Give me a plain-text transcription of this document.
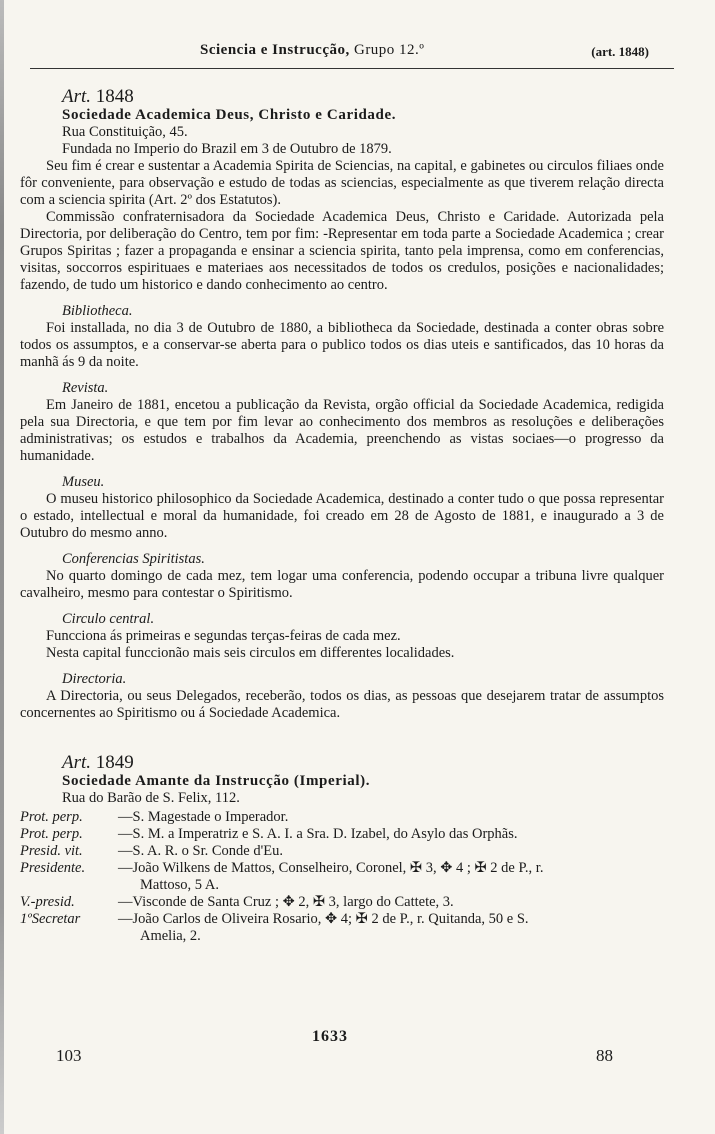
Sciencia e Instrucção, Grupo 12.º	(art. 1848)
Art. 1848
Sociedade Academica Deus, Christo e Caridade.
Rua Constituição, 45.
Fundada no Imperio do Brazil em 3 de Outubro de 1879.

Seu fim é crear e sustentar a Academia Spirita de Sciencias, na capital, e gabinetes ou circulos filiaes onde fôr conveniente, para observação e estudo de todas as sciencias, especialmente as que tiverem relação directa com a sciencia spirita (Art. 2º dos Estatutos).

Commissão confraternisadora da Sociedade Academica Deus, Christo e Caridade. Autorizada pela Directoria, por deliberação do Centro, tem por fim: -Representar em toda parte a Sociedade Academica ; crear Grupos Spiritas ; fazer a propaganda e ensinar a sciencia spirita, tanto pela imprensa, como em conferencias, visitas, soccorros espirituaes e materiaes aos necessitados de todos os credulos, posições e nacionalidades; fazendo, de tudo um historico e dando conhecimento ao centro.

Bibliotheca.

Foi installada, no dia 3 de Outubro de 1880, a bibliotheca da Sociedade, destinada a conter obras sobre todos os assumptos, e a conservar-se aberta para o publico todos os dias uteis e santificados, das 10 horas da manhã ás 9 da noite.

Revista.

Em Janeiro de 1881, encetou a publicação da Revista, orgão official da Sociedade Academica, redigida pela sua Directoria, e que tem por fim levar ao conhecimento dos membros as resoluções e deliberações administrativas; os estudos e trabalhos da Academia, preenchendo as vistas sociaes—o progresso da humanidade.

Museu.

O museu historico philosophico da Sociedade Academica, destinado a conter tudo o que possa representar o estado, intellectual e moral da humanidade, foi creado em 28 de Agosto de 1881, e inaugurado a 3 de Outubro do mesmo anno.

Conferencias Spiritistas.

No quarto domingo de cada mez, tem logar uma conferencia, podendo occupar a tribuna livre qualquer cavalheiro, mesmo para contestar o Spiritismo.

Circulo central.

Funcciona ás primeiras e segundas terças-feiras de cada mez.

Nesta capital funccionão mais seis circulos em differentes localidades.

Directoria.

A Directoria, ou seus Delegados, receberão, todos os dias, as pessoas que desejarem tratar de assumptos concernentes ao Spiritismo ou á Sociedade Academica.

Art. 1849
Sociedade Amante da Instrucção (Imperial).
Rua do Barão de S. Felix, 112.
Prot. perp.	—S. Magestade o Imperador.
Prot. perp.	—S. M. a Imperatriz e S. A. I. a Sra. D. Izabel, do Asylo das Orphãs.
Presid. vit.	—S. A. R. o Sr. Conde d'Eu.
Presidente.	—João Wilkens de Mattos, Conselheiro, Coronel, ✠ 3, ✥ 4 ; ✠ 2 de P., r.
Mattoso, 5 A.
V.-presid.	—Visconde de Santa Cruz ; ✥ 2, ✠ 3, largo do Cattete, 3.
1ºSecretar	—João Carlos de Oliveira Rosario, ✥ 4; ✠ 2 de P., r. Quitanda, 50 e S.
Amelia, 2.
103
1633
88
